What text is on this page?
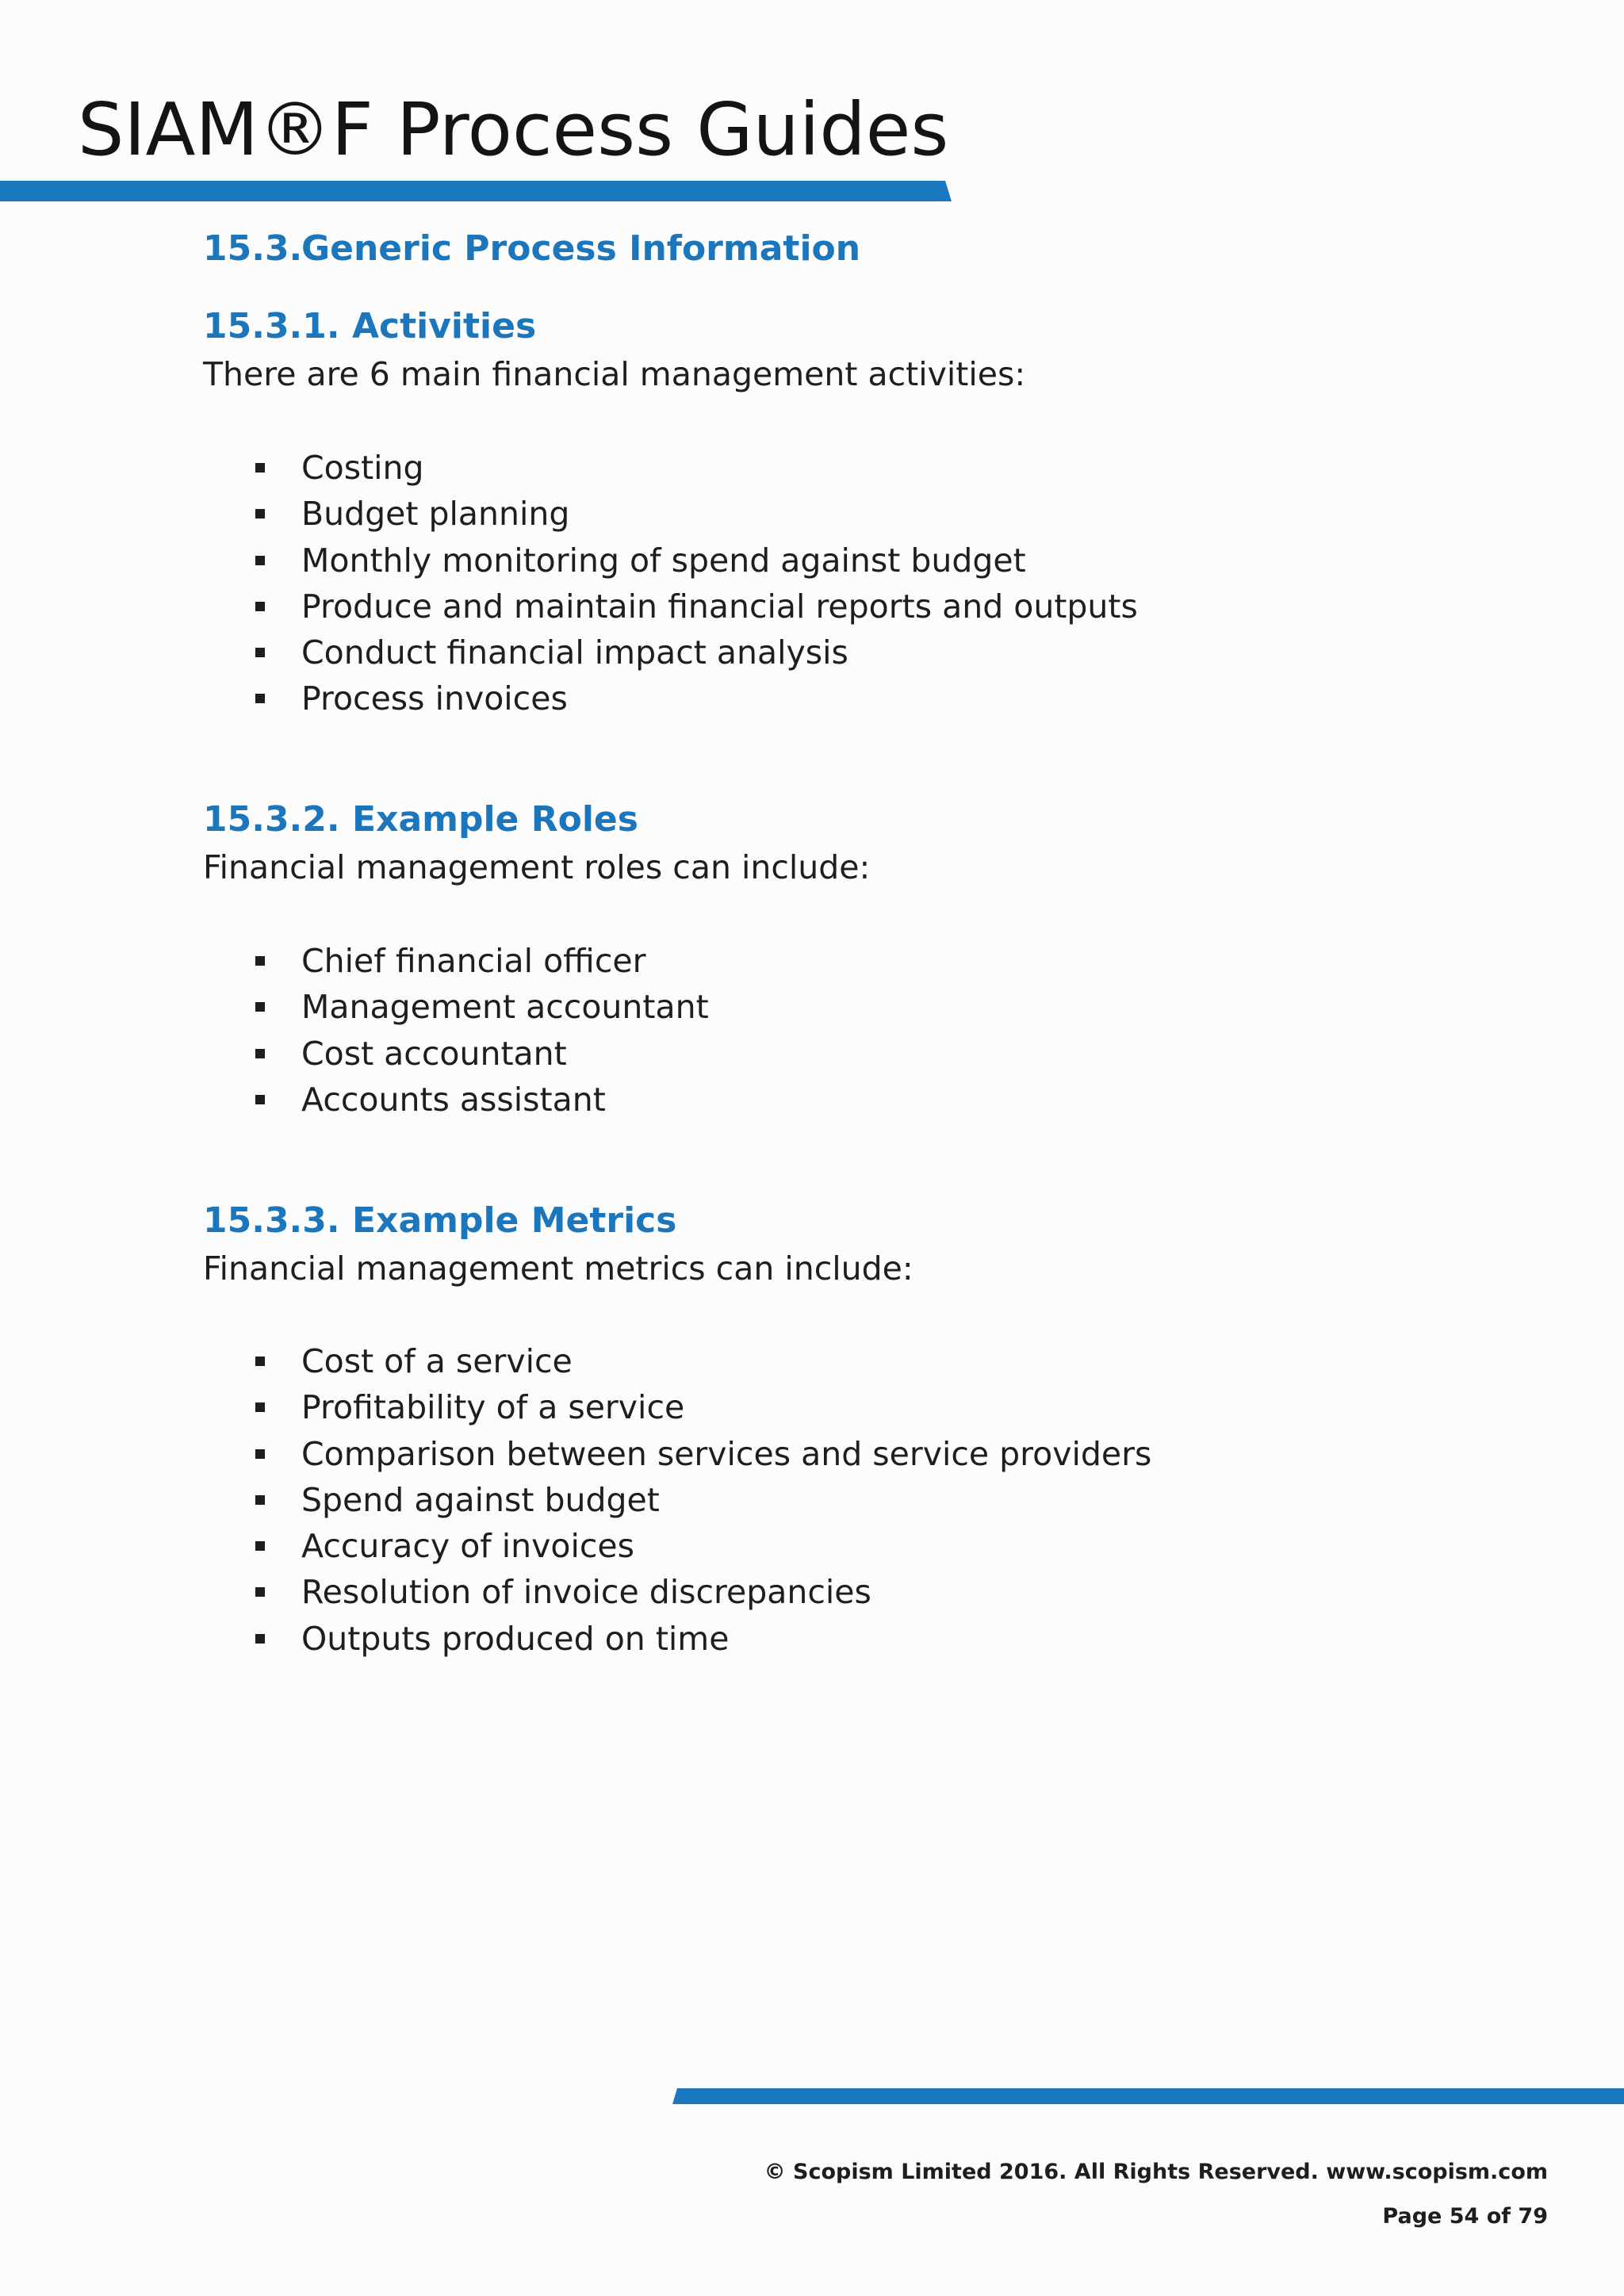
SIAM®F Process Guides
15.3.Generic Process Information
15.3.1. Activities
There are 6 main financial management activities:
Costing
Budget planning
Monthly monitoring of spend against budget
Produce and maintain financial reports and outputs
Conduct financial impact analysis
Process invoices
15.3.2. Example Roles
Financial management roles can include:
Chief financial officer
Management accountant
Cost accountant
Accounts assistant
15.3.3. Example Metrics
Financial management metrics can include:
Cost of a service
Profitability of a service
Comparison between services and service providers
Spend against budget
Accuracy of invoices
Resolution of invoice discrepancies
Outputs produced on time
© Scopism Limited 2016. All Rights Reserved. www.scopism.com
Page 54 of 79
